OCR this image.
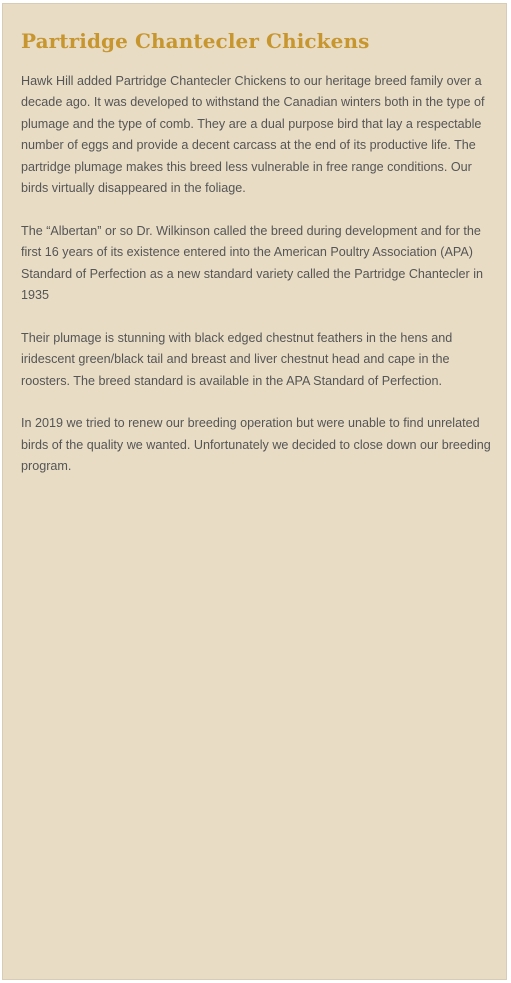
Partridge Chantecler Chickens

Hawk Hill added Partridge Chantecler Chickens to our heritage breed family over a decade ago. It was developed to withstand the Canadian winters both in the type of plumage and the type of comb. They are a dual purpose bird that lay a respectable number of eggs and provide a decent carcass at the end of its productive life. The partridge plumage makes this breed less vulnerable in free range conditions. Our birds virtually disappeared in the foliage.

The “Albertan” or so Dr. Wilkinson called the breed during development and for the first 16 years of its existence entered into the American Poultry Association (APA) Standard of Perfection as a new standard variety called the Partridge Chantecler in 1935

Their plumage is stunning with black edged chestnut feathers in the hens and iridescent green/black tail and breast and liver chestnut head and cape in the roosters. The breed standard is available in the APA Standard of Perfection.

In 2019 we tried to renew our breeding operation but were unable to find unrelated birds of the quality we wanted. Unfortunately we decided to close down our breeding program.
